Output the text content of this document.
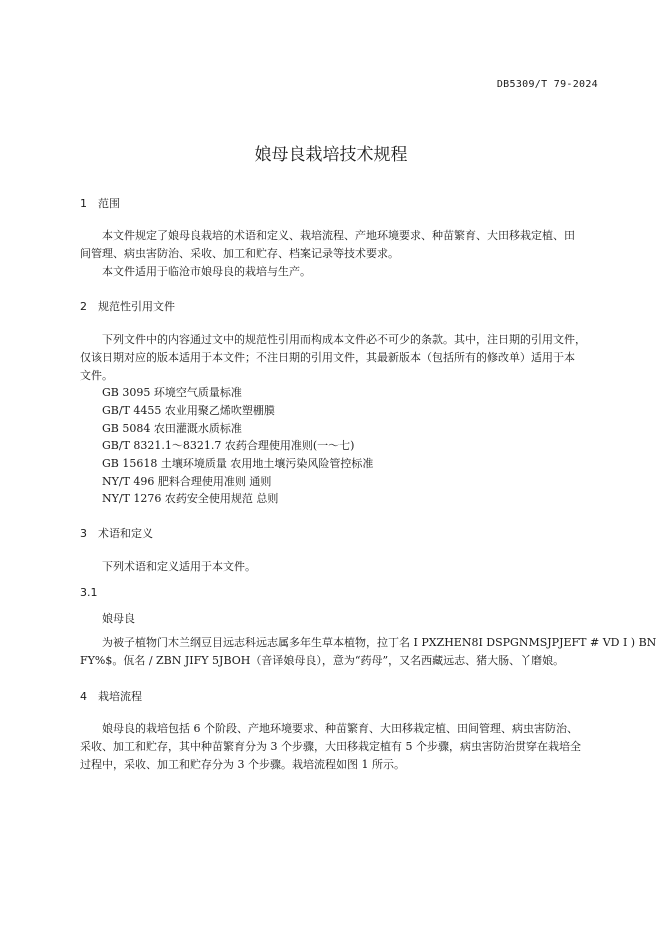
DB5309/T 79-2024
娘母良栽培技术规程
1 范围
本文件规定了娘母良栽培的术语和定义、栽培流程、产地环境要求、种苗繁育、大田移栽定植、田
间管理、病虫害防治、采收、加工和贮存、档案记录等技术要求。
本文件适用于临沧市娘母良的栽培与生产。
2 规范性引用文件
下列文件中的内容通过文中的规范性引用而构成本文件必不可少的条款。其中，注日期的引用文件，
仅该日期对应的版本适用于本文件；不注日期的引用文件，其最新版本（包括所有的修改单）适用于本
文件。
GB 3095 环境空气质量标准
GB/T 4455 农业用聚乙烯吹塑棚膜
GB 5084 农田灌溉水质标准
GB/T 8321.1～8321.7 农药合理使用准则(一～七)
GB 15618 土壤环境质量 农用地土壤污染风险管控标准
NY/T 496 肥料合理使用准则 通则
NY/T 1276 农药安全使用规范 总则
3 术语和定义
下列术语和定义适用于本文件。
3.1
娘母良
为被子植物门木兰纲豆目远志科远志属多年生草本植物，拉丁名 I PXZHEN8I DSPGNMSJPJEFT # VD I ) BN
FY%$。佤名 / ZBN JIFY 5JBOH（音译娘母良），意为“药母”，又名西藏远志、猪大肠、丫磨娘。
4 栽培流程
娘母良的栽培包括 6 个阶段、产地环境要求、种苗繁育、大田移栽定植、田间管理、病虫害防治、
采收、加工和贮存，其中种苗繁育分为 3 个步骤，大田移栽定植有 5 个步骤，病虫害防治贯穿在栽培全
过程中，采收、加工和贮存分为 3 个步骤。栽培流程如图 1 所示。
